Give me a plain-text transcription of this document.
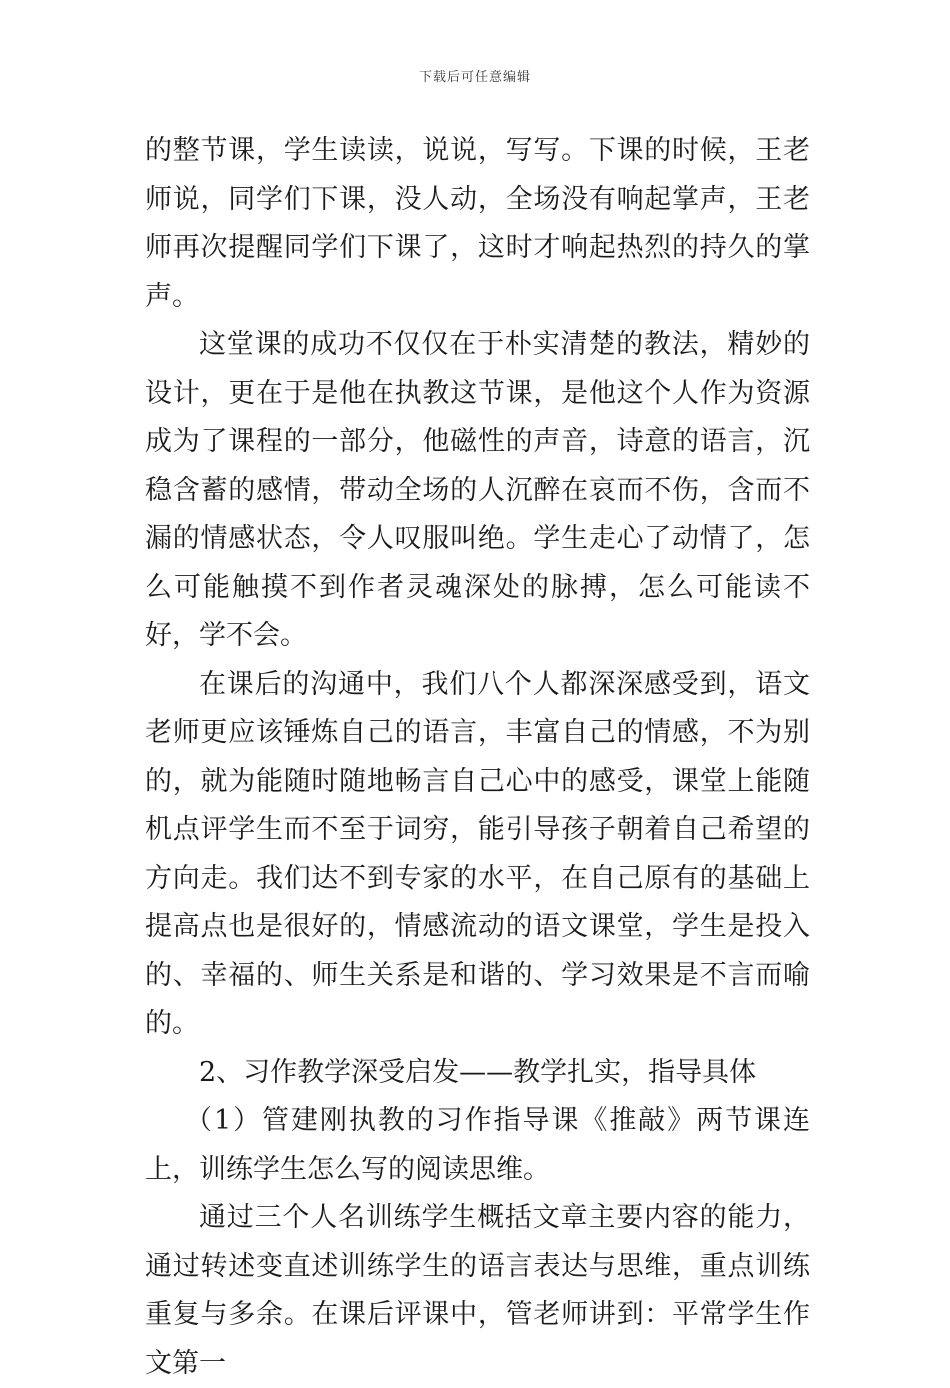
下载后可任意编辑

的整节课，学生读读，说说，写写。下课的时候，王老师说，同学们下课，没人动，全场没有响起掌声，王老师再次提醒同学们下课了，这时才响起热烈的持久的掌声。

这堂课的成功不仅仅在于朴实清楚的教法，精妙的设计，更在于是他在执教这节课，是他这个人作为资源成为了课程的一部分，他磁性的声音，诗意的语言，沉稳含蓄的感情，带动全场的人沉醉在哀而不伤，含而不漏的情感状态，令人叹服叫绝。学生走心了动情了，怎么可能触摸不到作者灵魂深处的脉搏，怎么可能读不好，学不会。

在课后的沟通中，我们八个人都深深感受到，语文老师更应该锤炼自己的语言，丰富自己的情感，不为别的，就为能随时随地畅言自己心中的感受，课堂上能随机点评学生而不至于词穷，能引导孩子朝着自己希望的方向走。我们达不到专家的水平，在自己原有的基础上提高点也是很好的，情感流动的语文课堂，学生是投入的、幸福的、师生关系是和谐的、学习效果是不言而喻的。

2、习作教学深受启发——教学扎实，指导具体

（1）管建刚执教的习作指导课《推敲》两节课连上，训练学生怎么写的阅读思维。

通过三个人名训练学生概括文章主要内容的能力，通过转述变直述训练学生的语言表达与思维，重点训练重复与多余。在课后评课中，管老师讲到：平常学生作文第一
